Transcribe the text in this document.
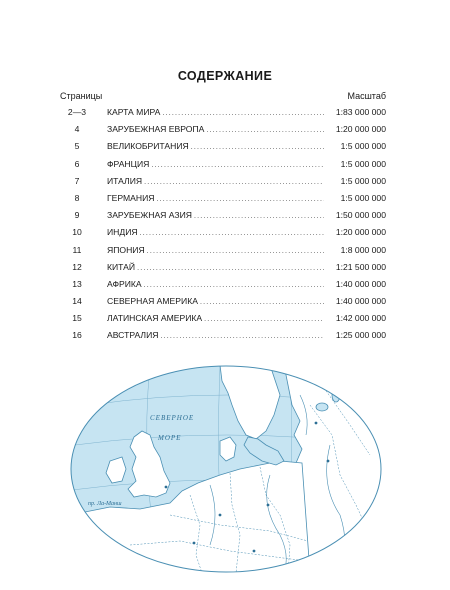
СОДЕРЖАНИЕ
Страницы	Масштаб
2—3	КАРТА МИРА .....	1:83 000 000
4	ЗАРУБЕЖНАЯ ЕВРОПА .....	1:20 000 000
5	ВЕЛИКОБРИТАНИЯ .....	1:5 000 000
6	ФРАНЦИЯ .....	1:5 000 000
7	ИТАЛИЯ .....	1:5 000 000
8	ГЕРМАНИЯ .....	1:5 000 000
9	ЗАРУБЕЖНАЯ АЗИЯ .....	1:50 000 000
10	ИНДИЯ .....	1:20 000 000
11	ЯПОНИЯ .....	1:8 000 000
12	КИТАЙ .....	1:21 500 000
13	АФРИКА .....	1:40 000 000
14	СЕВЕРНАЯ АМЕРИКА .....	1:40 000 000
15	ЛАТИНСКАЯ АМЕРИКА .....	1:42 000 000
16	АВСТРАЛИЯ .....	1:25 000 000
СЕВЕРНОЕ
МОРЕ
пр. Ла-Манш
